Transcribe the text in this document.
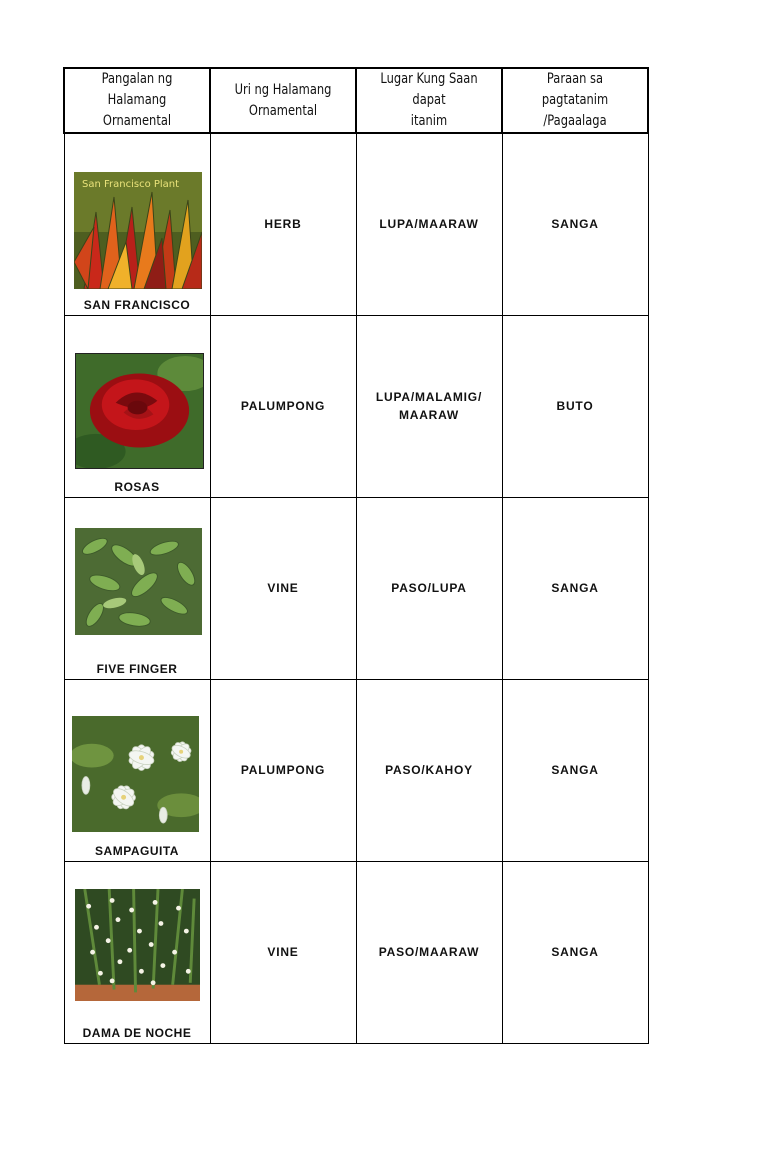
Pangalan ng Halamang
Ornamental	Uri ng Halamang
Ornamental	Lugar Kung Saan dapat
itanim	Paraan sa pagtatanim
/Pagaalaga

San Francisco Plant
SAN FRANCISCO	HERB	LUPA/MAARAW	SANGA

ROSAS	PALUMPONG	LUPA/MALAMIG/ MAARAW	BUTO

FIVE FINGER	VINE	PASO/LUPA	SANGA

SAMPAGUITA	PALUMPONG	PASO/KAHOY	SANGA

DAMA DE NOCHE	VINE	PASO/MAARAW	SANGA
